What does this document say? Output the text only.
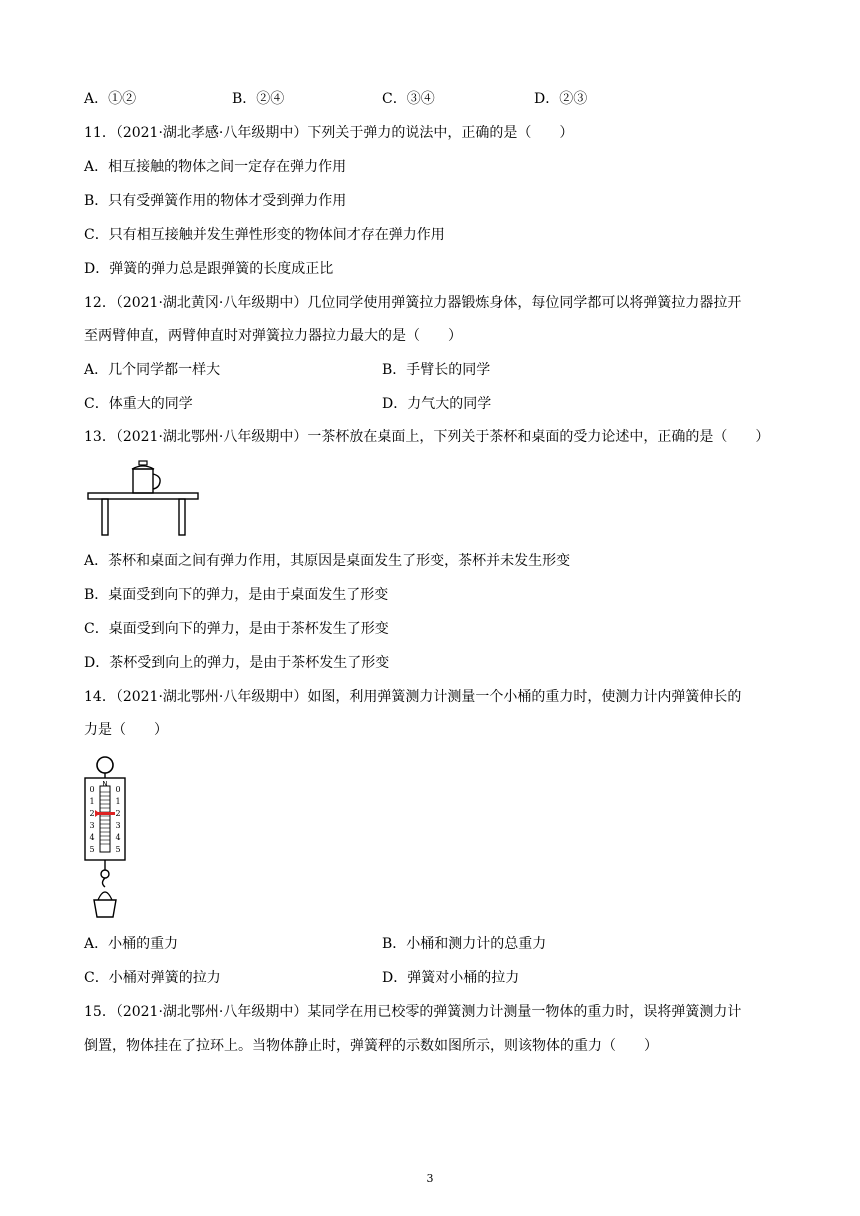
A．①②	B．②④	C．③④	D．②③
11．（2021·湖北孝感·八年级期中）下列关于弹力的说法中，正确的是（　　）
A．相互接触的物体之间一定存在弹力作用
B．只有受弹簧作用的物体才受到弹力作用
C．只有相互接触并发生弹性形变的物体间才存在弹力作用
D．弹簧的弹力总是跟弹簧的长度成正比
12．（2021·湖北黄冈·八年级期中）几位同学使用弹簧拉力器锻炼身体，每位同学都可以将弹簧拉力器拉开
至两臂伸直，两臂伸直时对弹簧拉力器拉力最大的是（　　）
A．几个同学都一样大	B．手臂长的同学
C．体重大的同学	D．力气大的同学
13．（2021·湖北鄂州·八年级期中）一茶杯放在桌面上，下列关于茶杯和桌面的受力论述中，正确的是（　　）
A．茶杯和桌面之间有弹力作用，其原因是桌面发生了形变，茶杯并未发生形变
B．桌面受到向下的弹力，是由于桌面发生了形变
C．桌面受到向下的弹力，是由于茶杯发生了形变
D．茶杯受到向上的弹力，是由于茶杯发生了形变
14．（2021·湖北鄂州·八年级期中）如图，利用弹簧测力计测量一个小桶的重力时，使测力计内弹簧伸长的
力是（　　）
N
0
1
2
3
4
5
0
1
2
3
4
5
A．小桶的重力	B．小桶和测力计的总重力
C．小桶对弹簧的拉力	D．弹簧对小桶的拉力
15．（2021·湖北鄂州·八年级期中）某同学在用已校零的弹簧测力计测量一物体的重力时，误将弹簧测力计
倒置，物体挂在了拉环上。当物体静止时，弹簧秤的示数如图所示，则该物体的重力（　　）
3
